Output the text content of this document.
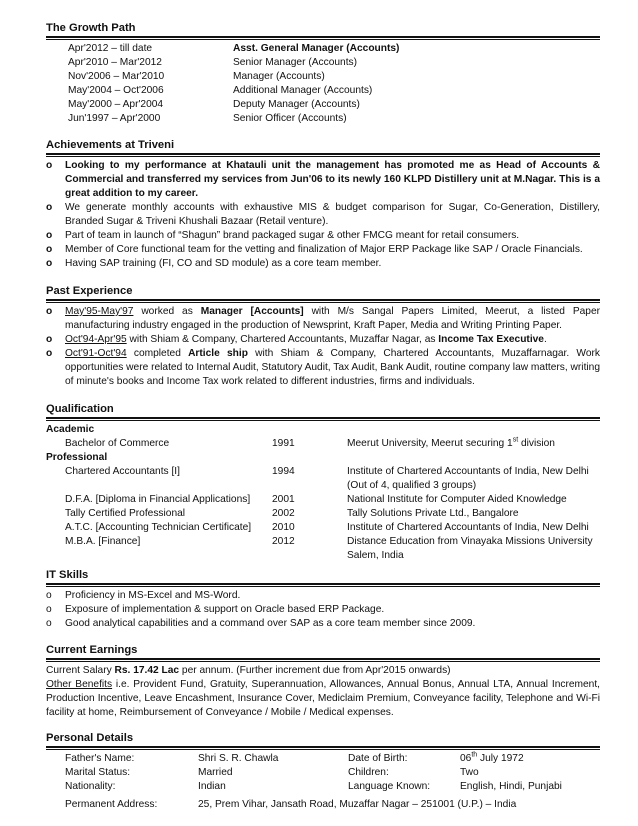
The Growth Path
Apr'2012 – till date	Asst. General Manager (Accounts)
Apr'2010 – Mar'2012	Senior Manager (Accounts)
Nov'2006 – Mar'2010	Manager (Accounts)
May'2004 – Oct'2006	Additional Manager (Accounts)
May'2000 – Apr'2004	Deputy Manager (Accounts)
Jun'1997 – Apr'2000	Senior Officer (Accounts)
Achievements at Triveni
o	Looking to my performance at Khatauli unit the management has promoted me as Head of Accounts & Commercial and transferred my services from Jun'06 to its newly 160 KLPD Distillery unit at M.Nagar. This is a great addition to my career.
o	We generate monthly accounts with exhaustive MIS & budget comparison for Sugar, Co-Generation, Distillery, Branded Sugar & Triveni Khushali Bazaar (Retail venture).
o	Part of team in launch of “Shagun” brand packaged sugar & other FMCG meant for retail consumers.
o	Member of Core functional team for the vetting and finalization of Major ERP Package like SAP / Oracle Financials.
o	Having SAP training (FI, CO and SD module) as a core team member.
Past Experience
o	May'95-May'97 worked as Manager [Accounts] with M/s Sangal Papers Limited, Meerut, a listed Paper manufacturing industry engaged in the production of Newsprint, Kraft Paper, Media and Writing Printing Paper.
o	Oct'94-Apr'95 with Shiam & Company, Chartered Accountants, Muzaffar Nagar, as Income Tax Executive.
o	Oct'91-Oct'94 completed Article ship with Shiam & Company, Chartered Accountants, Muzaffarnagar. Work opportunities were related to Internal Audit, Statutory Audit, Tax Audit, Bank Audit, routine company law matters, writing of minute's books and Income Tax work related to different industries, firms and individuals.
Qualification
Academic
Bachelor of Commerce	1991	Meerut University, Meerut securing 1st division
Professional
Chartered Accountants [I]	1994	Institute of Chartered Accountants of India, New Delhi (Out of 4, qualified 3 groups)
D.F.A. [Diploma in Financial Applications]	2001	National Institute for Computer Aided Knowledge
Tally Certified Professional	2002	Tally Solutions Private Ltd., Bangalore
A.T.C. [Accounting Technician Certificate]	2010	Institute of Chartered Accountants of India, New Delhi
M.B.A. [Finance]	2012	Distance Education from Vinayaka Missions University Salem, India
IT Skills
o	Proficiency in MS-Excel and MS-Word.
o	Exposure of implementation & support on Oracle based ERP Package.
o	Good analytical capabilities and a command over SAP as a core team member since 2009.
Current Earnings
Current Salary Rs. 17.42 Lac per annum. (Further increment due from Apr'2015 onwards)
Other Benefits i.e. Provident Fund, Gratuity, Superannuation, Allowances, Annual Bonus, Annual LTA, Annual Increment, Production Incentive, Leave Encashment, Insurance Cover, Mediclaim Premium, Conveyance facility, Telephone and Wi-Fi facility at home, Reimbursement of Conveyance / Mobile / Medical expenses.
Personal Details
Father's Name:	Shri S. R. Chawla	Date of Birth:	06th July 1972
Marital Status:	Married	Children:	Two
Nationality:	Indian	Language Known:	English, Hindi, Punjabi
Permanent Address:	25, Prem Vihar, Jansath Road, Muzaffar Nagar – 251001 (U.P.) – India
